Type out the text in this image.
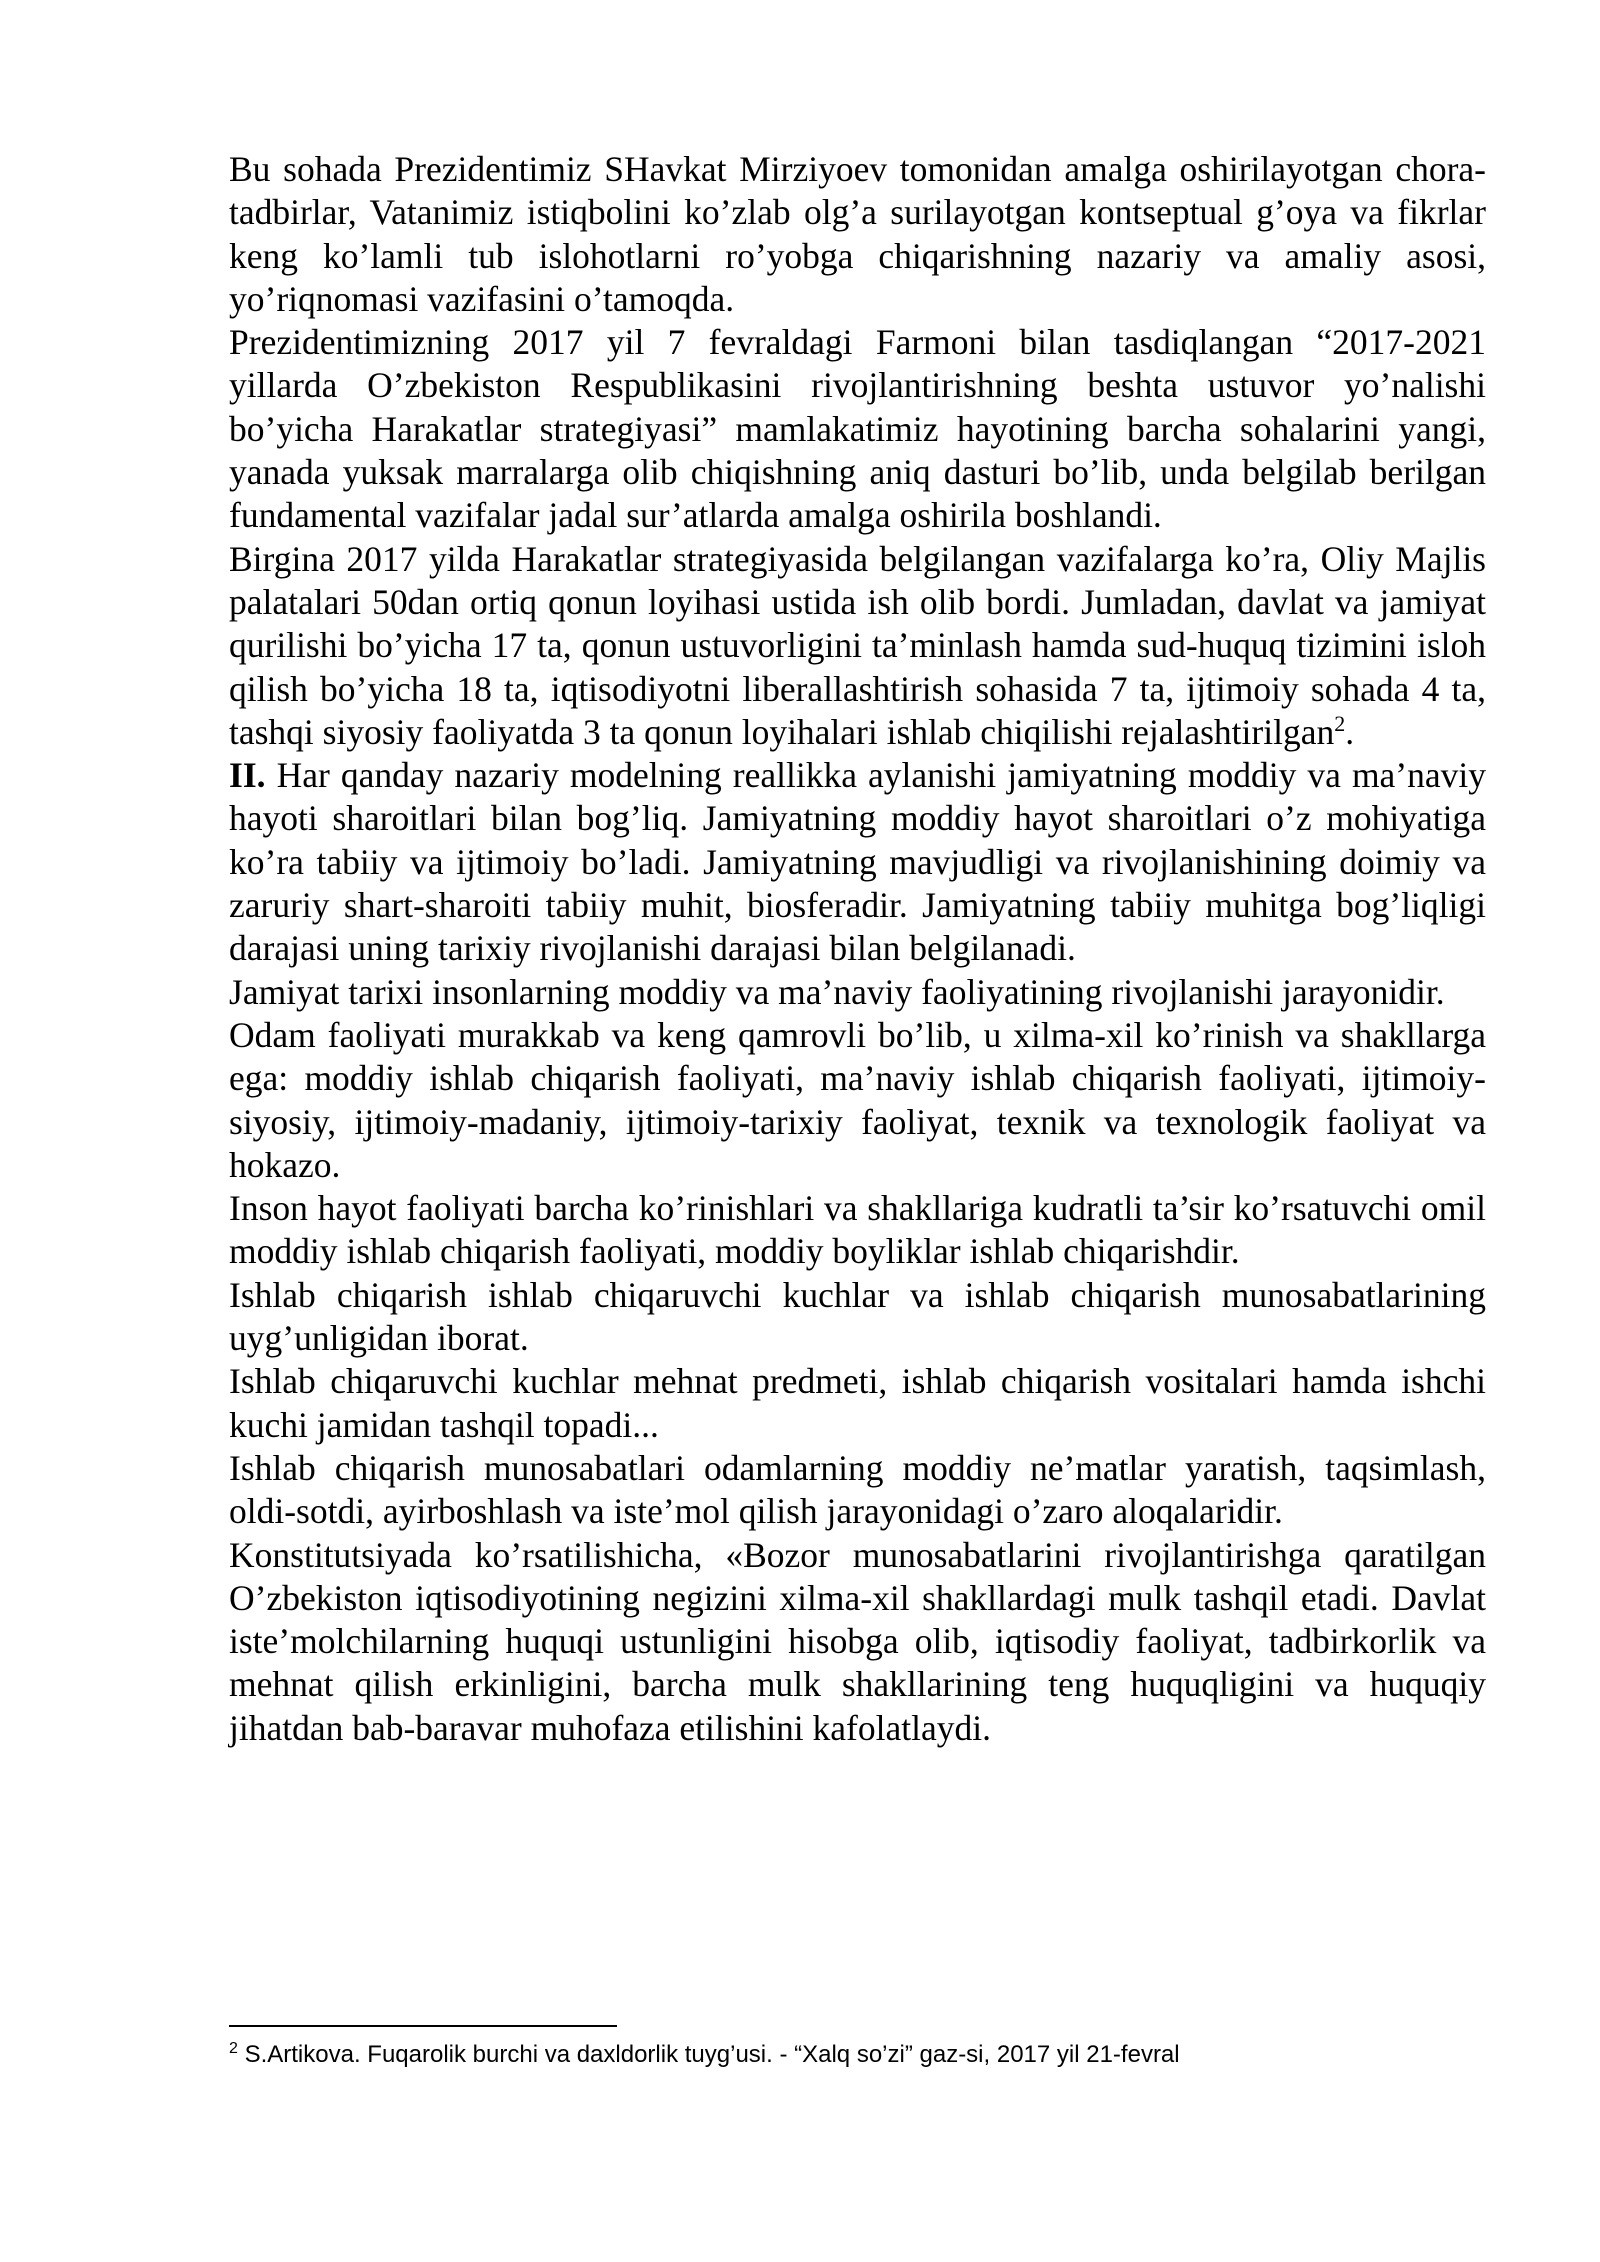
Bu sohada Prezidentimiz SHavkat Mirziyoev tomonidan amalga oshirilayotgan chora-tadbirlar, Vatanimiz istiqbolini ko’zlab olg’a surilayotgan kontseptual g’oya va fikrlar keng ko’lamli tub islohotlarni ro’yobga chiqarishning nazariy va amaliy asosi, yo’riqnomasi vazifasini o’tamoqda.

Prezidentimizning 2017 yil 7 fevraldagi Farmoni bilan tasdiqlangan “2017-2021 yillarda O’zbekiston Respublikasini rivojlantirishning beshta ustuvor yo’nalishi bo’yicha Harakatlar strategiyasi” mamlakatimiz hayotining barcha sohalarini yangi, yanada yuksak marralarga olib chiqishning aniq dasturi bo’lib, unda belgilab berilgan fundamental vazifalar jadal sur’atlarda amalga oshirila boshlandi.

Birgina 2017 yilda Harakatlar strategiyasida belgilangan vazifalarga ko’ra, Oliy Majlis palatalari 50dan ortiq qonun loyihasi ustida ish olib bordi. Jumladan, davlat va jamiyat qurilishi bo’yicha 17 ta, qonun ustuvorligini ta’minlash hamda sud-huquq tizimini isloh qilish bo’yicha 18 ta, iqtisodiyotni liberallashtirish sohasida 7 ta, ijtimoiy sohada 4 ta, tashqi siyosiy faoliyatda 3 ta qonun loyihalari ishlab chiqilishi rejalashtirilgan$^2$.

II. Har qanday nazariy modelning reallikka aylanishi jamiyatning moddiy va ma’naviy hayoti sharoitlari bilan bog’liq. Jamiyatning moddiy hayot sharoitlari o’z mohiyatiga ko’ra tabiiy va ijtimoiy bo’ladi. Jamiyatning mavjudligi va rivojlanishining doimiy va zaruriy shart-sharoiti tabiiy muhit, biosferadir. Jamiyatning tabiiy muhitga bog’liqligi darajasi uning tarixiy rivojlanishi darajasi bilan belgilanadi.

Jamiyat tarixi insonlarning moddiy va ma’naviy faoliyatining rivojlanishi jarayonidir.

Odam faoliyati murakkab va keng qamrovli bo’lib, u xilma-xil ko’rinish va shakllarga ega: moddiy ishlab chiqarish faoliyati, ma’naviy ishlab chiqarish faoliyati, ijtimoiy-siyosiy, ijtimoiy-madaniy, ijtimoiy-tarixiy faoliyat, texnik va texnologik faoliyat va hokazo.

Inson hayot faoliyati barcha ko’rinishlari va shakllariga kudratli ta’sir ko’rsatuvchi omil moddiy ishlab chiqarish faoliyati, moddiy boyliklar ishlab chiqarishdir.

Ishlab chiqarish ishlab chiqaruvchi kuchlar va ishlab chiqarish munosabatlarining uyg’unligidan iborat.

Ishlab chiqaruvchi kuchlar mehnat predmeti, ishlab chiqarish vositalari hamda ishchi kuchi jamidan tashqil topadi...

Ishlab chiqarish munosabatlari odamlarning moddiy ne’matlar yaratish, taqsimlash, oldi-sotdi, ayirboshlash va iste’mol qilish jarayonidagi o’zaro aloqalaridir.

Konstitutsiyada ko’rsatilishicha, «Bozor munosabatlarini rivojlantirishga qaratilgan O’zbekiston iqtisodiyotining negizini xilma-xil shakllardagi mulk tashqil etadi. Davlat iste’molchilarning huquqi ustunligini hisobga olib, iqtisodiy faoliyat, tadbirkorlik va mehnat qilish erkinligini, barcha mulk shakllarining teng huquqligini va huquqiy jihatdan bab-baravar muhofaza etilishini kafolatlaydi.

$^2$ S.Artikova. Fuqarolik burchi va daxldorlik tuyg’usi. - “Xalq so’zi” gaz-si, 2017 yil 21-fevral
